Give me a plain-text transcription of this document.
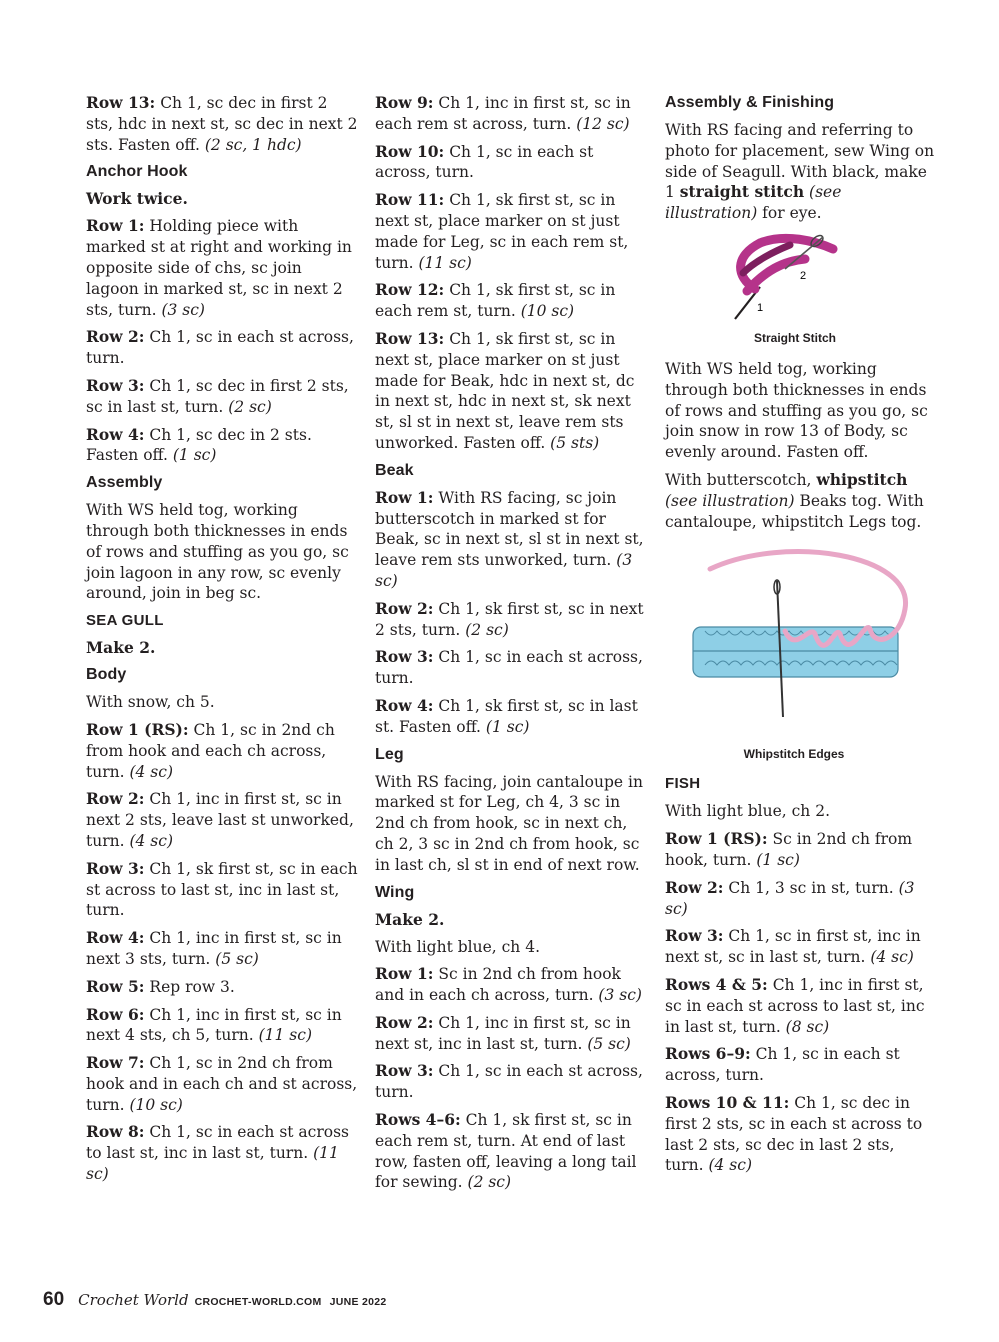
Row 13: Ch 1, sc dec in first 2 sts, hdc in next st, sc dec in next 2 sts. Fasten off. (2 sc, 1 hdc)
Anchor Hook
Work twice.
Row 1: Holding piece with marked st at right and working in opposite side of chs, sc join lagoon in marked st, sc in next 2 sts, turn. (3 sc)
Row 2: Ch 1, sc in each st across, turn.
Row 3: Ch 1, sc dec in first 2 sts, sc in last st, turn. (2 sc)
Row 4: Ch 1, sc dec in 2 sts. Fasten off. (1 sc)
Assembly
With WS held tog, working through both thicknesses in ends of rows and stuffing as you go, sc join lagoon in any row, sc evenly around, join in beg sc.
SEA GULL
Make 2.
Body
With snow, ch 5.
Row 1 (RS): Ch 1, sc in 2nd ch from hook and each ch across, turn. (4 sc)
Row 2: Ch 1, inc in first st, sc in next 2 sts, leave last st unworked, turn. (4 sc)
Row 3: Ch 1, sk first st, sc in each st across to last st, inc in last st, turn.
Row 4: Ch 1, inc in first st, sc in next 3 sts, turn. (5 sc)
Row 5: Rep row 3.
Row 6: Ch 1, inc in first st, sc in next 4 sts, ch 5, turn. (11 sc)
Row 7: Ch 1, sc in 2nd ch from hook and in each ch and st across, turn. (10 sc)
Row 8: Ch 1, sc in each st across to last st, inc in last st, turn. (11 sc)
Row 9: Ch 1, inc in first st, sc in each rem st across, turn. (12 sc)
Row 10: Ch 1, sc in each st across, turn.
Row 11: Ch 1, sk first st, sc in next st, place marker on st just made for Leg, sc in each rem st, turn. (11 sc)
Row 12: Ch 1, sk first st, sc in each rem st, turn. (10 sc)
Row 13: Ch 1, sk first st, sc in next st, place marker on st just made for Beak, hdc in next st, dc in next st, hdc in next st, sk next st, sl st in next st, leave rem sts unworked. Fasten off. (5 sts)
Beak
Row 1: With RS facing, sc join butterscotch in marked st for Beak, sc in next st, sl st in next st, leave rem sts unworked, turn. (3 sc)
Row 2: Ch 1, sk first st, sc in next 2 sts, turn. (2 sc)
Row 3: Ch 1, sc in each st across, turn.
Row 4: Ch 1, sk first st, sc in last st. Fasten off. (1 sc)
Leg
With RS facing, join cantaloupe in marked st for Leg, ch 4, 3 sc in 2nd ch from hook, sc in next ch, ch 2, 3 sc in 2nd ch from hook, sc in last ch, sl st in end of next row.
Wing
Make 2.
With light blue, ch 4.
Row 1: Sc in 2nd ch from hook and in each ch across, turn. (3 sc)
Row 2: Ch 1, inc in first st, sc in next st, inc in last st, turn. (5 sc)
Row 3: Ch 1, sc in each st across, turn.
Rows 4–6: Ch 1, sk first st, sc in each rem st, turn. At end of last row, fasten off, leaving a long tail for sewing. (2 sc)
Assembly & Finishing
With RS facing and referring to photo for placement, sew Wing on side of Seagull. With black, make 1 straight stitch (see illustration) for eye.
1
2
Straight Stitch
With WS held tog, working through both thicknesses in ends of rows and stuffing as you go, sc join snow in row 13 of Body, sc evenly around. Fasten off.
With butterscotch, whipstitch (see illustration) Beaks tog. With cantaloupe, whipstitch Legs tog.
Whipstitch Edges
FISH
With light blue, ch 2.
Row 1 (RS): Sc in 2nd ch from hook, turn. (1 sc)
Row 2: Ch 1, 3 sc in st, turn. (3 sc)
Row 3: Ch 1, sc in first st, inc in next st, sc in last st, turn. (4 sc)
Rows 4 & 5: Ch 1, inc in first st, sc in each st across to last st, inc in last st, turn. (8 sc)
Rows 6–9: Ch 1, sc in each st across, turn.
Rows 10 & 11: Ch 1, sc dec in first 2 sts, sc in each st across to last 2 sts, sc dec in last 2 sts, turn. (4 sc)
60 Crochet World CROCHET-WORLD.COM JUNE 2022
